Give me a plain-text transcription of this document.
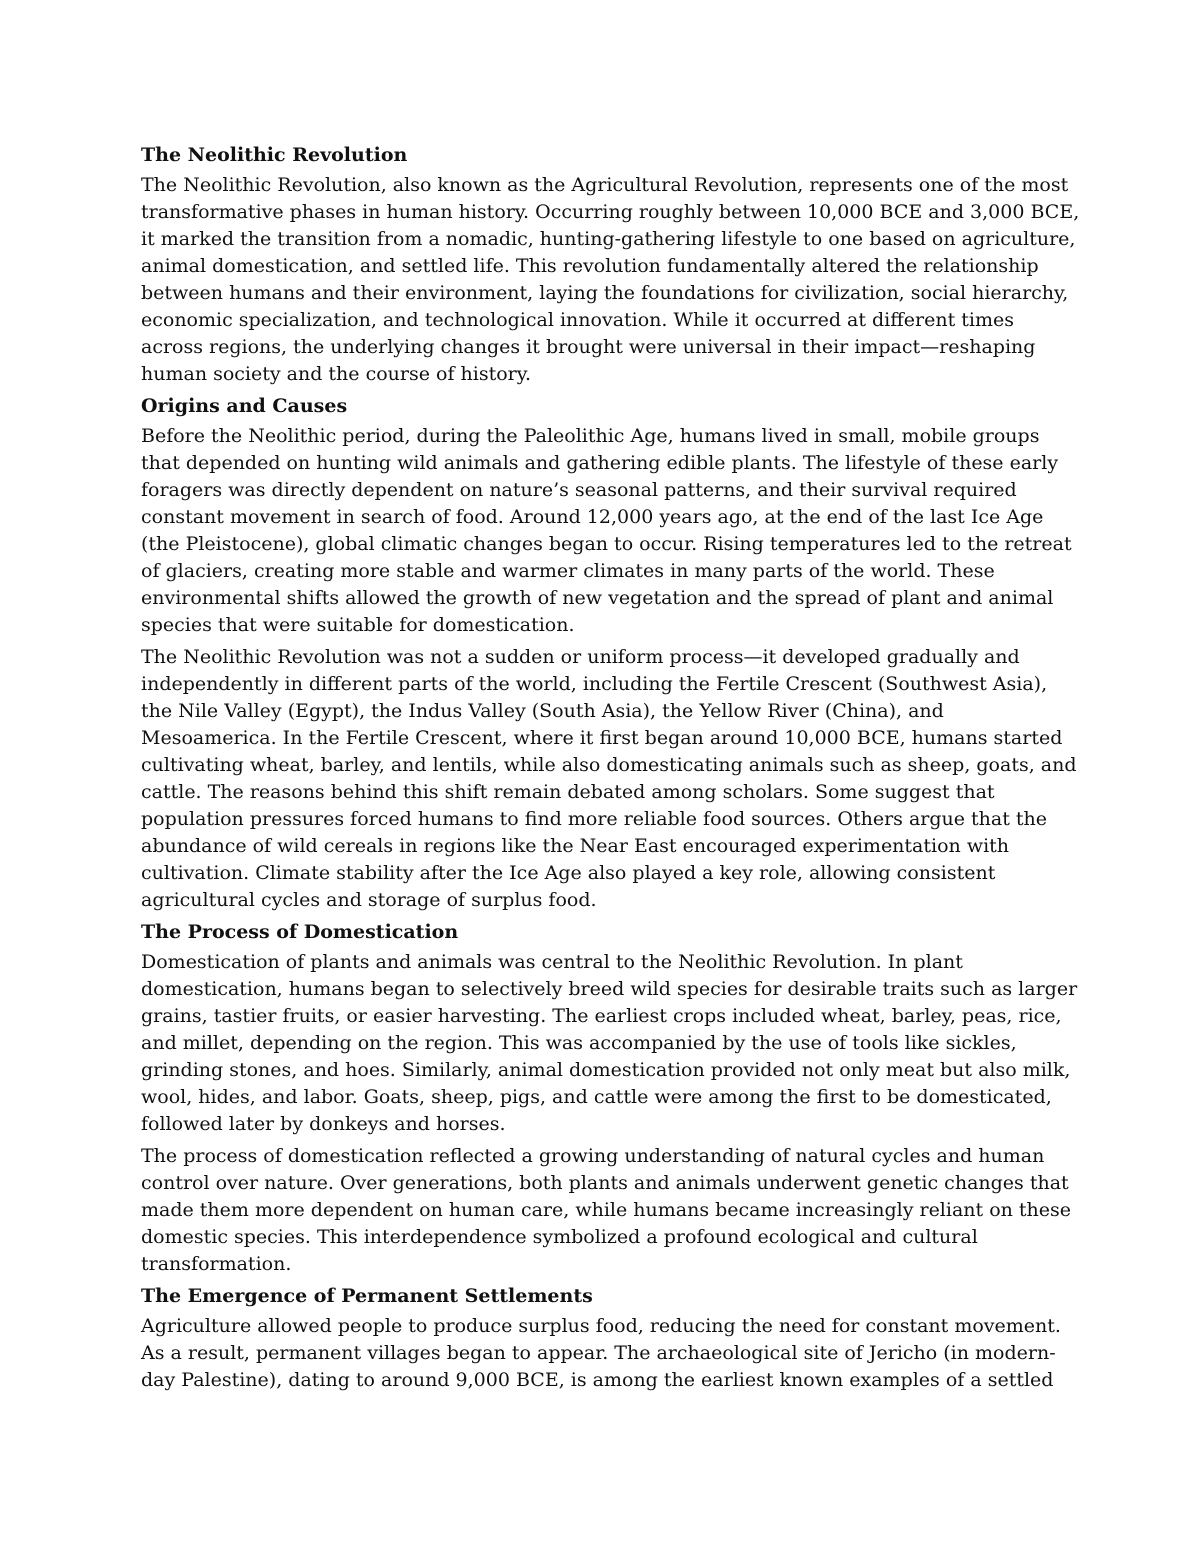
The Neolithic Revolution

The Neolithic Revolution, also known as the Agricultural Revolution, represents one of the most transformative phases in human history. Occurring roughly between 10,000 BCE and 3,000 BCE, it marked the transition from a nomadic, hunting-gathering lifestyle to one based on agriculture, animal domestication, and settled life. This revolution fundamentally altered the relationship between humans and their environment, laying the foundations for civilization, social hierarchy, economic specialization, and technological innovation. While it occurred at different times across regions, the underlying changes it brought were universal in their impact—reshaping human society and the course of history.

Origins and Causes

Before the Neolithic period, during the Paleolithic Age, humans lived in small, mobile groups that depended on hunting wild animals and gathering edible plants. The lifestyle of these early foragers was directly dependent on nature’s seasonal patterns, and their survival required constant movement in search of food. Around 12,000 years ago, at the end of the last Ice Age (the Pleistocene), global climatic changes began to occur. Rising temperatures led to the retreat of glaciers, creating more stable and warmer climates in many parts of the world. These environmental shifts allowed the growth of new vegetation and the spread of plant and animal species that were suitable for domestication.

The Neolithic Revolution was not a sudden or uniform process—it developed gradually and independently in different parts of the world, including the Fertile Crescent (Southwest Asia), the Nile Valley (Egypt), the Indus Valley (South Asia), the Yellow River (China), and Mesoamerica. In the Fertile Crescent, where it first began around 10,000 BCE, humans started cultivating wheat, barley, and lentils, while also domesticating animals such as sheep, goats, and cattle. The reasons behind this shift remain debated among scholars. Some suggest that population pressures forced humans to find more reliable food sources. Others argue that the abundance of wild cereals in regions like the Near East encouraged experimentation with cultivation. Climate stability after the Ice Age also played a key role, allowing consistent agricultural cycles and storage of surplus food.

The Process of Domestication

Domestication of plants and animals was central to the Neolithic Revolution. In plant domestication, humans began to selectively breed wild species for desirable traits such as larger grains, tastier fruits, or easier harvesting. The earliest crops included wheat, barley, peas, rice, and millet, depending on the region. This was accompanied by the use of tools like sickles, grinding stones, and hoes. Similarly, animal domestication provided not only meat but also milk, wool, hides, and labor. Goats, sheep, pigs, and cattle were among the first to be domesticated, followed later by donkeys and horses.

The process of domestication reflected a growing understanding of natural cycles and human control over nature. Over generations, both plants and animals underwent genetic changes that made them more dependent on human care, while humans became increasingly reliant on these domestic species. This interdependence symbolized a profound ecological and cultural transformation.

The Emergence of Permanent Settlements

Agriculture allowed people to produce surplus food, reducing the need for constant movement. As a result, permanent villages began to appear. The archaeological site of Jericho (in modern-day Palestine), dating to around 9,000 BCE, is among the earliest known examples of a settled
